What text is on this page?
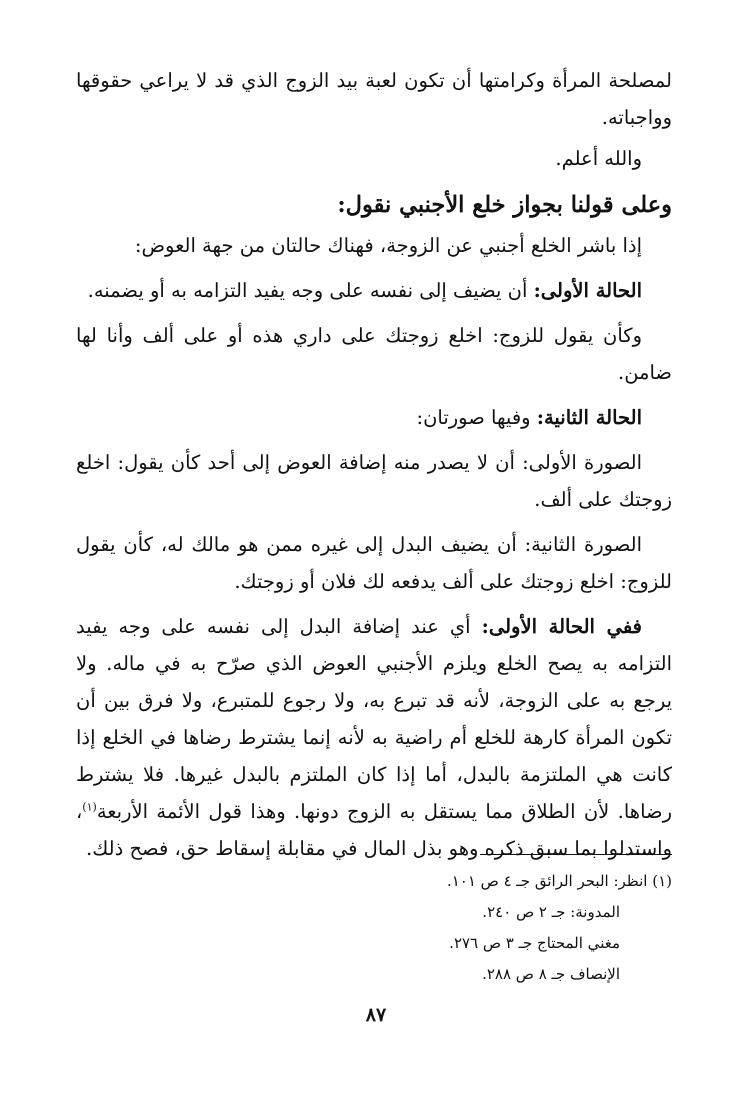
لمصلحة المرأة وكرامتها أن تكون لعبة بيد الزوج الذي قد لا يراعي حقوقها وواجباته.

والله أعلم.

وعلى قولنا بجواز خلع الأجنبي نقول:

إذا باشر الخلع أجنبي عن الزوجة، فهناك حالتان من جهة العوض:

الحالة الأولى: أن يضيف إلى نفسه على وجه يفيد التزامه به أو يضمنه.

وكأن يقول للزوج: اخلع زوجتك على داري هذه أو على ألف وأنا لها ضامن.

الحالة الثانية: وفيها صورتان:

الصورة الأولى: أن لا يصدر منه إضافة العوض إلى أحد كأن يقول: اخلع زوجتك على ألف.

الصورة الثانية: أن يضيف البدل إلى غيره ممن هو مالك له، كأن يقول للزوج: اخلع زوجتك على ألف يدفعه لك فلان أو زوجتك.

ففي الحالة الأولى: أي عند إضافة البدل إلى نفسه على وجه يفيد التزامه به يصح الخلع ويلزم الأجنبي العوض الذي صرّح به في ماله. ولا يرجع به على الزوجة، لأنه قد تبرع به، ولا رجوع للمتبرع، ولا فرق بين أن تكون المرأة كارهة للخلع أم راضية به لأنه إنما يشترط رضاها في الخلع إذا كانت هي الملتزمة بالبدل، أما إذا كان الملتزم بالبدل غيرها. فلا يشترط رضاها. لأن الطلاق مما يستقل به الزوج دونها. وهذا قول الأئمة الأربعة$^{(١)}$، واستدلوا بما سبق ذكره وهو بذل المال في مقابلة إسقاط حق، فصح ذلك.

(١) انظر: البحر الرائق جـ ٤ ص ١٠١.

المدونة: جـ ٢ ص ٢٤٠.

مغني المحتاج جـ ٣ ص ٢٧٦.

الإنصاف جـ ٨ ص ٢٨٨.

٨٧
